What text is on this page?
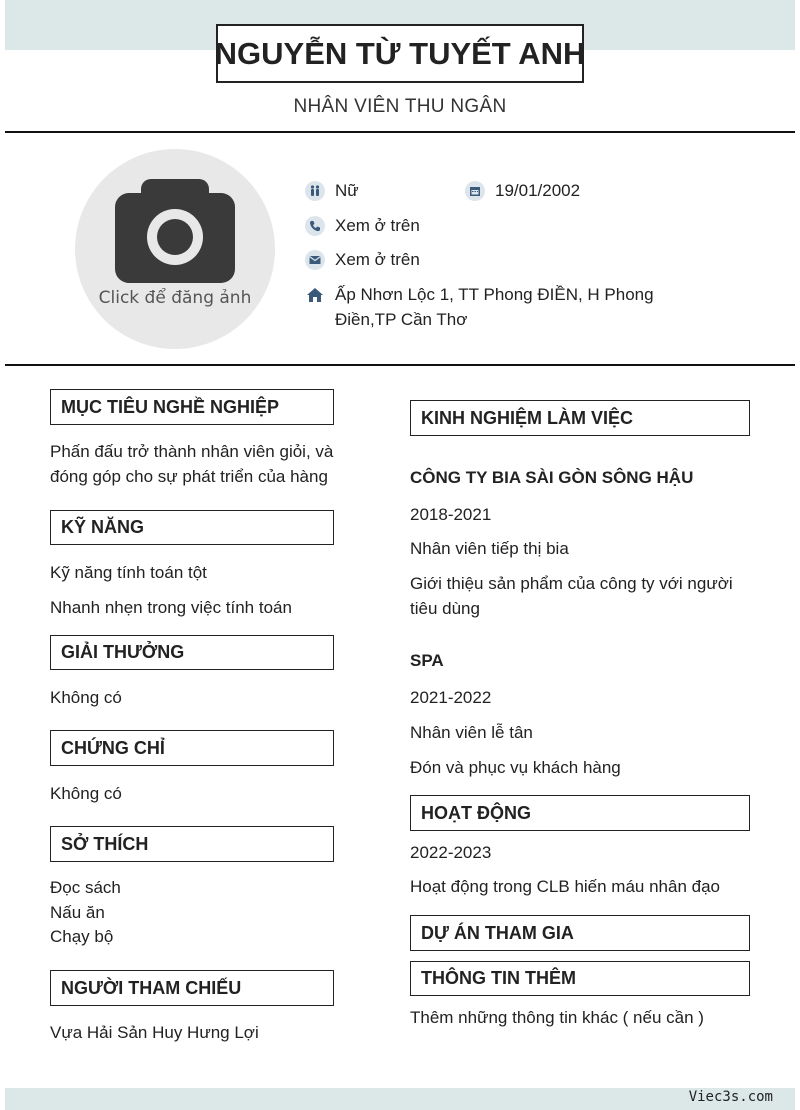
NGUYỄN TỪ TUYẾT ANH
NHÂN VIÊN THU NGÂN
Click để đăng ảnh
Nữ	19/01/2002
Xem ở trên
Xem ở trên
Ấp Nhơn Lộc 1, TT Phong ĐIỀN, H Phong
Điền,TP Cần Thơ
MỤC TIÊU NGHỀ NGHIỆP
Phấn đấu trở thành nhân viên giỏi, và
đóng góp cho sự phát triển của hàng
KỸ NĂNG
Kỹ năng tính toán tột
Nhanh nhẹn trong việc tính toán
GIẢI THƯỞNG
Không có
CHỨNG CHỈ
Không có
SỞ THÍCH
Đọc sách
Nấu ăn
Chạy bộ
NGƯỜI THAM CHIẾU
Vựa Hải Sản Huy Hưng Lợi
KINH NGHIỆM LÀM VIỆC
CÔNG TY BIA SÀI GÒN SÔNG HẬU
2018-2021
Nhân viên tiếp thị bia
Giới thiệu sản phẩm của công ty với người
tiêu dùng
SPA
2021-2022
Nhân viên lễ tân
Đón và phục vụ khách hàng
HOẠT ĐỘNG
2022-2023
Hoạt động trong CLB hiến máu nhân đạo
DỰ ÁN THAM GIA
THÔNG TIN THÊM
Thêm những thông tin khác ( nếu cần )
Viec3s.com
